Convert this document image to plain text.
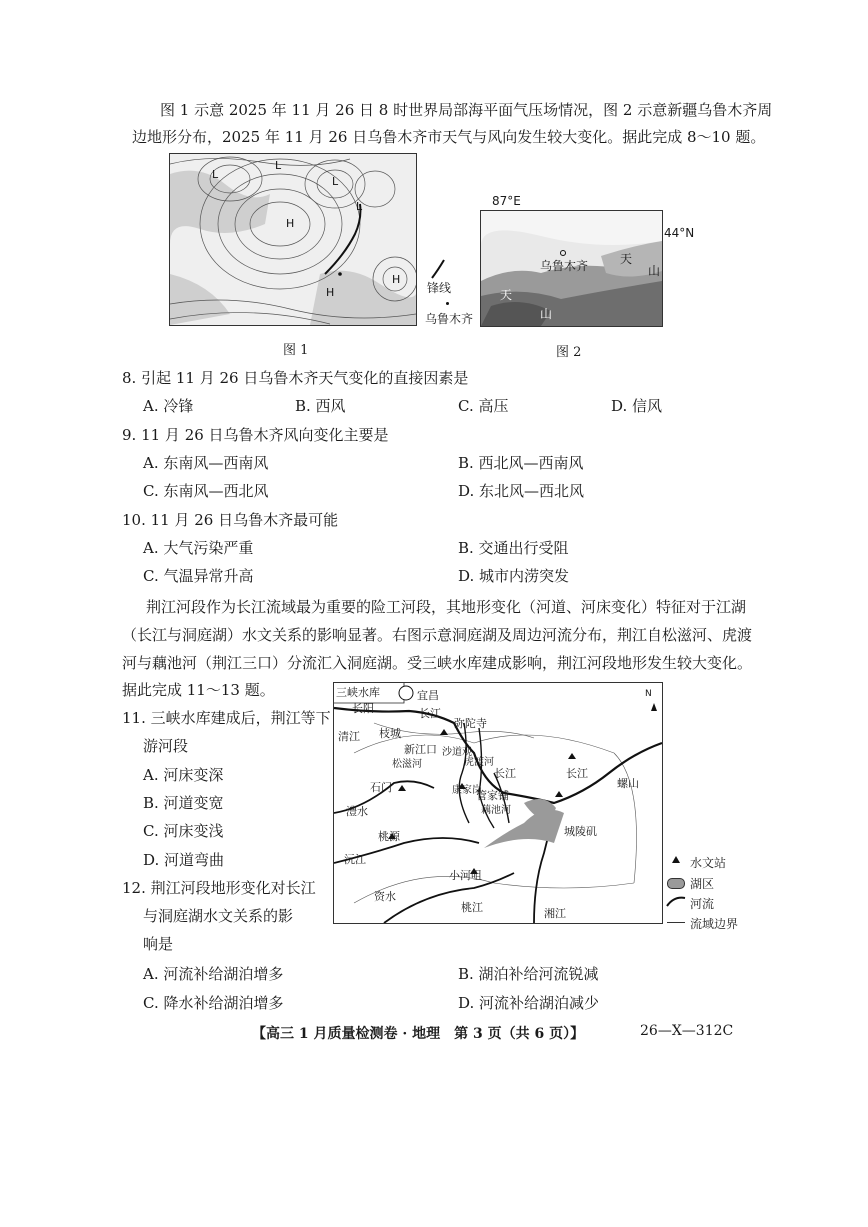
图 1 示意 2025 年 11 月 26 日 8 时世界局部海平面气压场情况，图 2 示意新疆乌鲁木齐周
边地形分布，2025 年 11 月 26 日乌鲁木齐市天气与风向发生较大变化。据此完成 8～10 题。
L
L
L
L
H
H
H
锋线
乌鲁木齐
图 1
87°E
44°N
乌鲁木齐	天
山
天
山
图 2
8. 引起 11 月 26 日乌鲁木齐天气变化的直接因素是
A. 冷锋	B. 西风	C. 高压	D. 信风
9. 11 月 26 日乌鲁木齐风向变化主要是
A. 东南风—西南风	B. 西北风—西南风
C. 东南风—西北风	D. 东北风—西北风
10. 11 月 26 日乌鲁木齐最可能
A. 大气污染严重	B. 交通出行受阻
C. 气温异常升高	D. 城市内涝突发
荆江河段作为长江流域最为重要的险工河段，其地形变化（河道、河床变化）特征对于江湖
（长江与洞庭湖）水文关系的影响显著。右图示意洞庭湖及周边河流分布，荆江自松滋河、虎渡
河与藕池河（荆江三口）分流汇入洞庭湖。受三峡水库建成影响，荆江河段地形发生较大变化。
据此完成 11～13 题。	三峡水库	宜昌
长阳	长江
枝城
弥陀寺
清江
新江口 沙道观
虎渡河
松滋河
长江	长江
石门
管家铺
康家岗
藕池河
澧水
城陵矶
螺山
桃源
沅江
小河咀
资水
桃江	湘江
N
水文站
湖区
河流
流域边界
11. 三峡水库建成后，荆江等下
游河段
A. 河床变深
B. 河道变宽
C. 河床变浅
D. 河道弯曲
12. 荆江河段地形变化对长江
与洞庭湖水文关系的影
响是
A. 河流补给湖泊增多	B. 湖泊补给河流锐减
C. 降水补给湖泊增多	D. 河流补给湖泊减少
【高三 1 月质量检测卷 · 地理　第 3 页（共 6 页）】	26—X—312C
